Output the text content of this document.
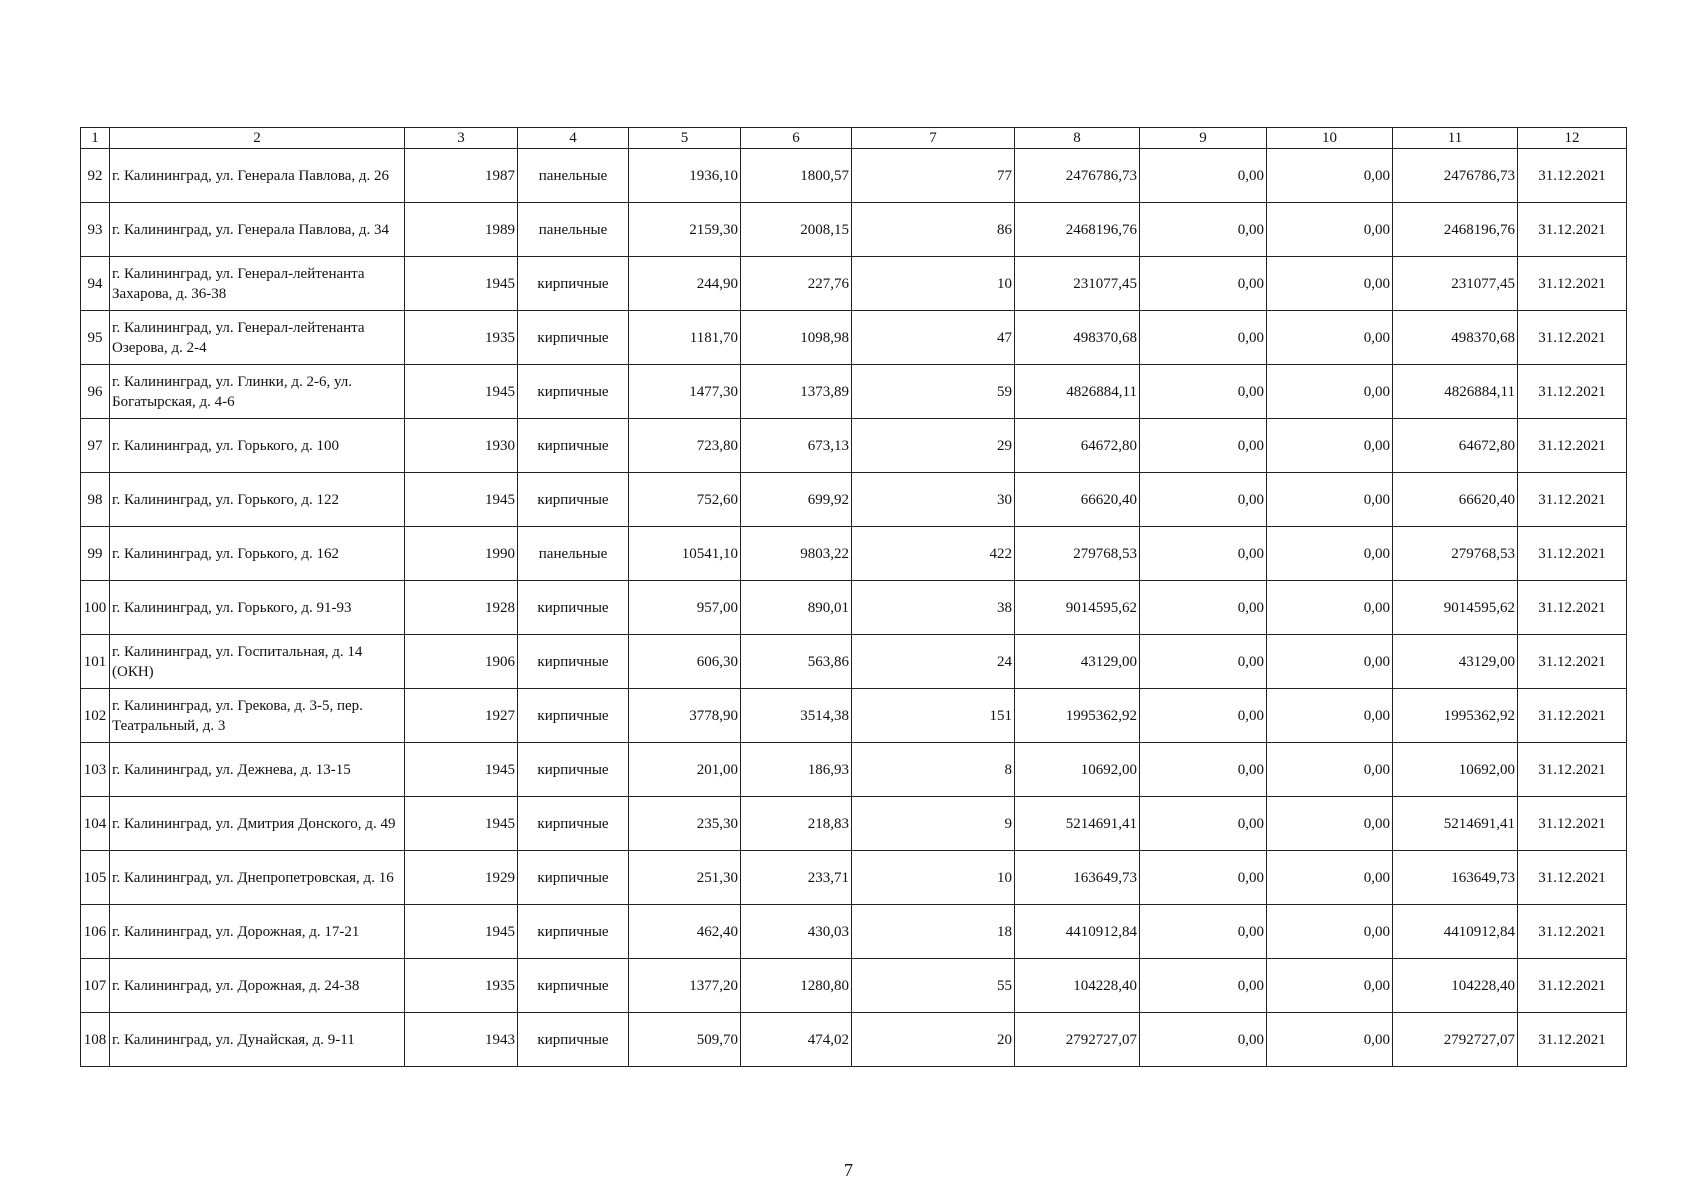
1	2	3	4	5	6	7	8	9	10	11	12
92	г. Калининград, ул. Генерала Павлова, д. 26	1987	панельные	1936,10	1800,57	77	2476786,73	0,00	0,00	2476786,73	31.12.2021
93	г. Калининград, ул. Генерала Павлова, д. 34	1989	панельные	2159,30	2008,15	86	2468196,76	0,00	0,00	2468196,76	31.12.2021
94	г. Калининград, ул. Генерал-лейтенанта Захарова, д. 36-38	1945	кирпичные	244,90	227,76	10	231077,45	0,00	0,00	231077,45	31.12.2021
95	г. Калининград, ул. Генерал-лейтенанта Озерова, д. 2-4	1935	кирпичные	1181,70	1098,98	47	498370,68	0,00	0,00	498370,68	31.12.2021
96	г. Калининград, ул. Глинки, д. 2-6, ул. Богатырская, д. 4-6	1945	кирпичные	1477,30	1373,89	59	4826884,11	0,00	0,00	4826884,11	31.12.2021
97	г. Калининград, ул. Горького, д. 100	1930	кирпичные	723,80	673,13	29	64672,80	0,00	0,00	64672,80	31.12.2021
98	г. Калининград, ул. Горького, д. 122	1945	кирпичные	752,60	699,92	30	66620,40	0,00	0,00	66620,40	31.12.2021
99	г. Калининград, ул. Горького, д. 162	1990	панельные	10541,10	9803,22	422	279768,53	0,00	0,00	279768,53	31.12.2021
100	г. Калининград, ул. Горького, д. 91-93	1928	кирпичные	957,00	890,01	38	9014595,62	0,00	0,00	9014595,62	31.12.2021
101	г. Калининград, ул. Госпитальная, д. 14 (ОКН)	1906	кирпичные	606,30	563,86	24	43129,00	0,00	0,00	43129,00	31.12.2021
102	г. Калининград, ул. Грекова, д. 3-5, пер. Театральный, д. 3	1927	кирпичные	3778,90	3514,38	151	1995362,92	0,00	0,00	1995362,92	31.12.2021
103	г. Калининград, ул. Дежнева, д. 13-15	1945	кирпичные	201,00	186,93	8	10692,00	0,00	0,00	10692,00	31.12.2021
104	г. Калининград, ул. Дмитрия Донского, д. 49	1945	кирпичные	235,30	218,83	9	5214691,41	0,00	0,00	5214691,41	31.12.2021
105	г. Калининград, ул. Днепропетровская, д. 16	1929	кирпичные	251,30	233,71	10	163649,73	0,00	0,00	163649,73	31.12.2021
106	г. Калининград, ул. Дорожная, д. 17-21	1945	кирпичные	462,40	430,03	18	4410912,84	0,00	0,00	4410912,84	31.12.2021
107	г. Калининград, ул. Дорожная, д. 24-38	1935	кирпичные	1377,20	1280,80	55	104228,40	0,00	0,00	104228,40	31.12.2021
108	г. Калининград, ул. Дунайская, д. 9-11	1943	кирпичные	509,70	474,02	20	2792727,07	0,00	0,00	2792727,07	31.12.2021
7
